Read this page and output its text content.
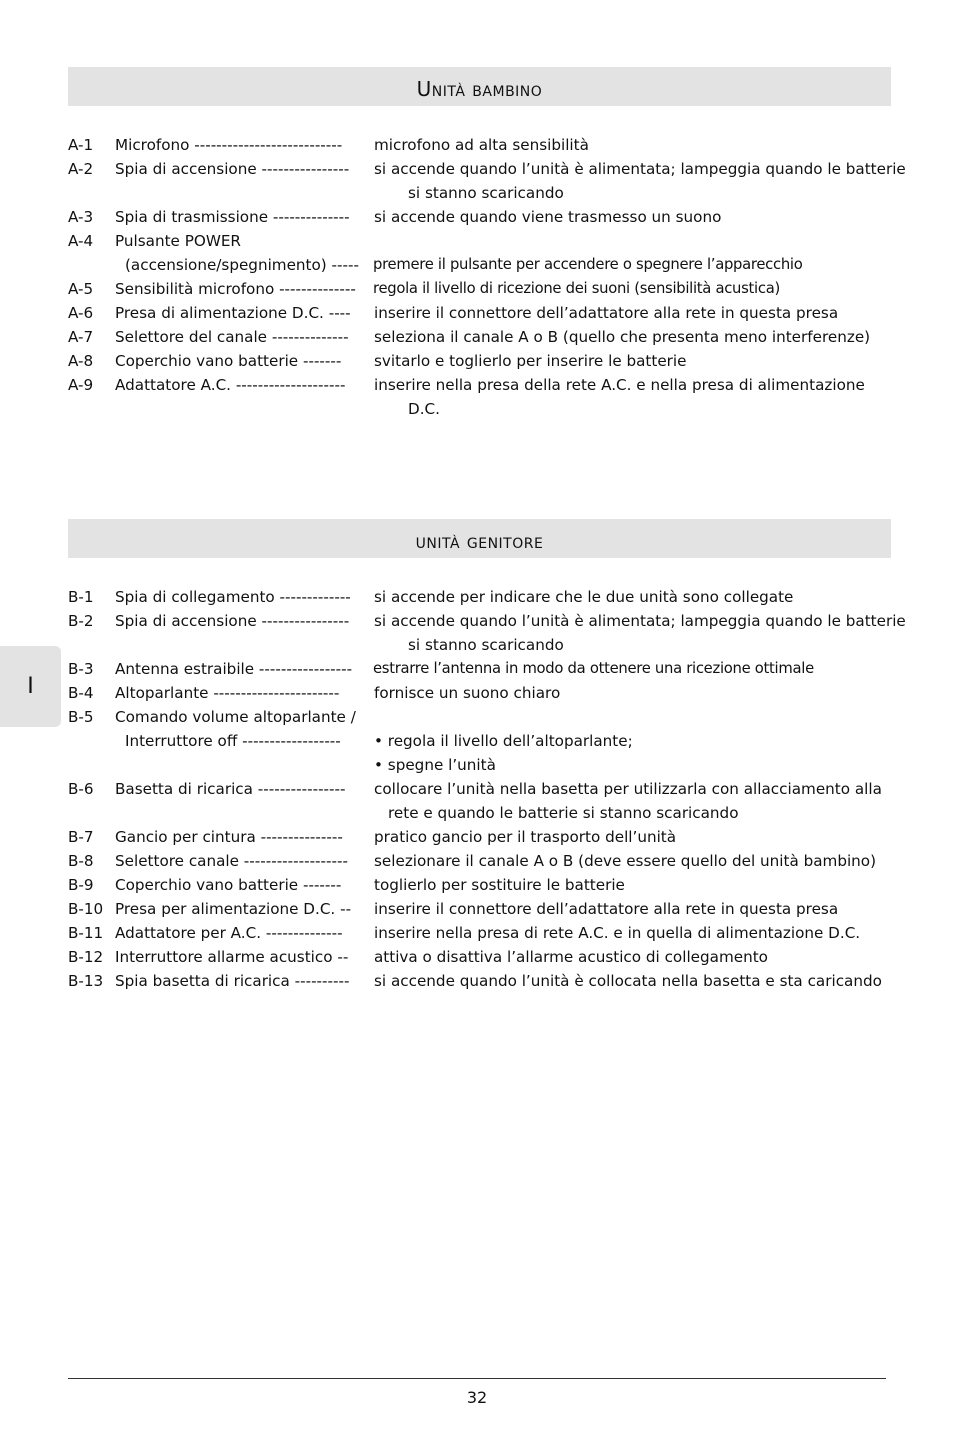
Unità bambino
A-1 Microfono --------------------------- microfono ad alta sensibilità
A-2 Spia di accensione ---------------- si accende quando l’unità è alimentata; lampeggia quando le batterie
si stanno scaricando
A-3 Spia di trasmissione -------------- si accende quando viene trasmesso un suono
A-4 Pulsante POWER
(accensione/spegnimento) ----- premere il pulsante per accendere o spegnere l’apparecchio
A-5 Sensibilità microfono -------------- regola il livello di ricezione dei suoni (sensibilità acustica)
A-6 Presa di alimentazione D.C. ---- inserire il connettore dell’adattatore alla rete in questa presa
A-7 Selettore del canale -------------- seleziona il canale A o B (quello che presenta meno interferenze)
A-8 Coperchio vano batterie ------- svitarlo e toglierlo per inserire le batterie
A-9 Adattatore A.C. -------------------- inserire nella presa della rete A.C. e nella presa di alimentazione
D.C.
unità genitore
B-1 Spia di collegamento ------------- si accende per indicare che le due unità sono collegate
B-2 Spia di accensione ---------------- si accende quando l’unità è alimentata; lampeggia quando le batterie
si stanno scaricando
B-3 Antenna estraibile ----------------- estrarre l’antenna in modo da ottenere una ricezione ottimale
B-4 Altoparlante ----------------------- fornisce un suono chiaro
B-5 Comando volume altoparlante /
Interruttore off ------------------ • regola il livello dell’altoparlante;
• spegne l’unità
B-6 Basetta di ricarica ---------------- collocare l’unità nella basetta per utilizzarla con allacciamento alla
rete e quando le batterie si stanno scaricando
B-7 Gancio per cintura --------------- pratico gancio per il trasporto dell’unità
B-8 Selettore canale ------------------- selezionare il canale A o B (deve essere quello del unità bambino)
B-9 Coperchio vano batterie ------- toglierlo per sostituire le batterie
B-10 Presa per alimentazione D.C. -- inserire il connettore dell’adattatore alla rete in questa presa
B-11 Adattatore per A.C. -------------- inserire nella presa di rete A.C. e in quella di alimentazione D.C.
B-12 Interruttore allarme acustico -- attiva o disattiva l’allarme acustico di collegamento
B-13 Spia basetta di ricarica ---------- si accende quando l’unità è collocata nella basetta e sta caricando
I
32
